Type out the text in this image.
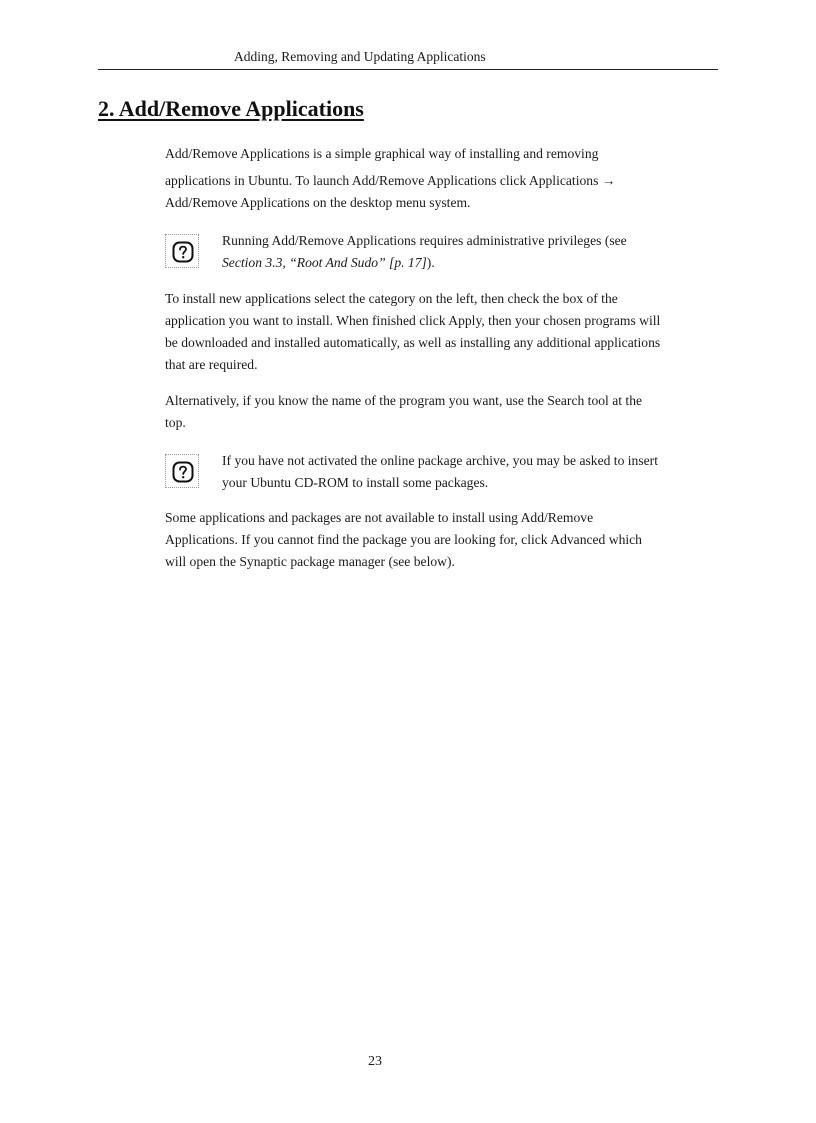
Adding, Removing and Updating Applications
2. Add/Remove Applications
Add/Remove Applications is a simple graphical way of installing and removing
applications in Ubuntu. To launch Add/Remove Applications click Applications →
Add/Remove Applications on the desktop menu system.
Running Add/Remove Applications requires administrative privileges (see
Section 3.3, “Root And Sudo” [p. 17]).
To install new applications select the category on the left, then check the box of the
application you want to install. When finished click Apply, then your chosen programs will
be downloaded and installed automatically, as well as installing any additional applications
that are required.
Alternatively, if you know the name of the program you want, use the Search tool at the
top.
If you have not activated the online package archive, you may be asked to insert
your Ubuntu CD-ROM to install some packages.
Some applications and packages are not available to install using Add/Remove
Applications. If you cannot find the package you are looking for, click Advanced which
will open the Synaptic package manager (see below).
23
